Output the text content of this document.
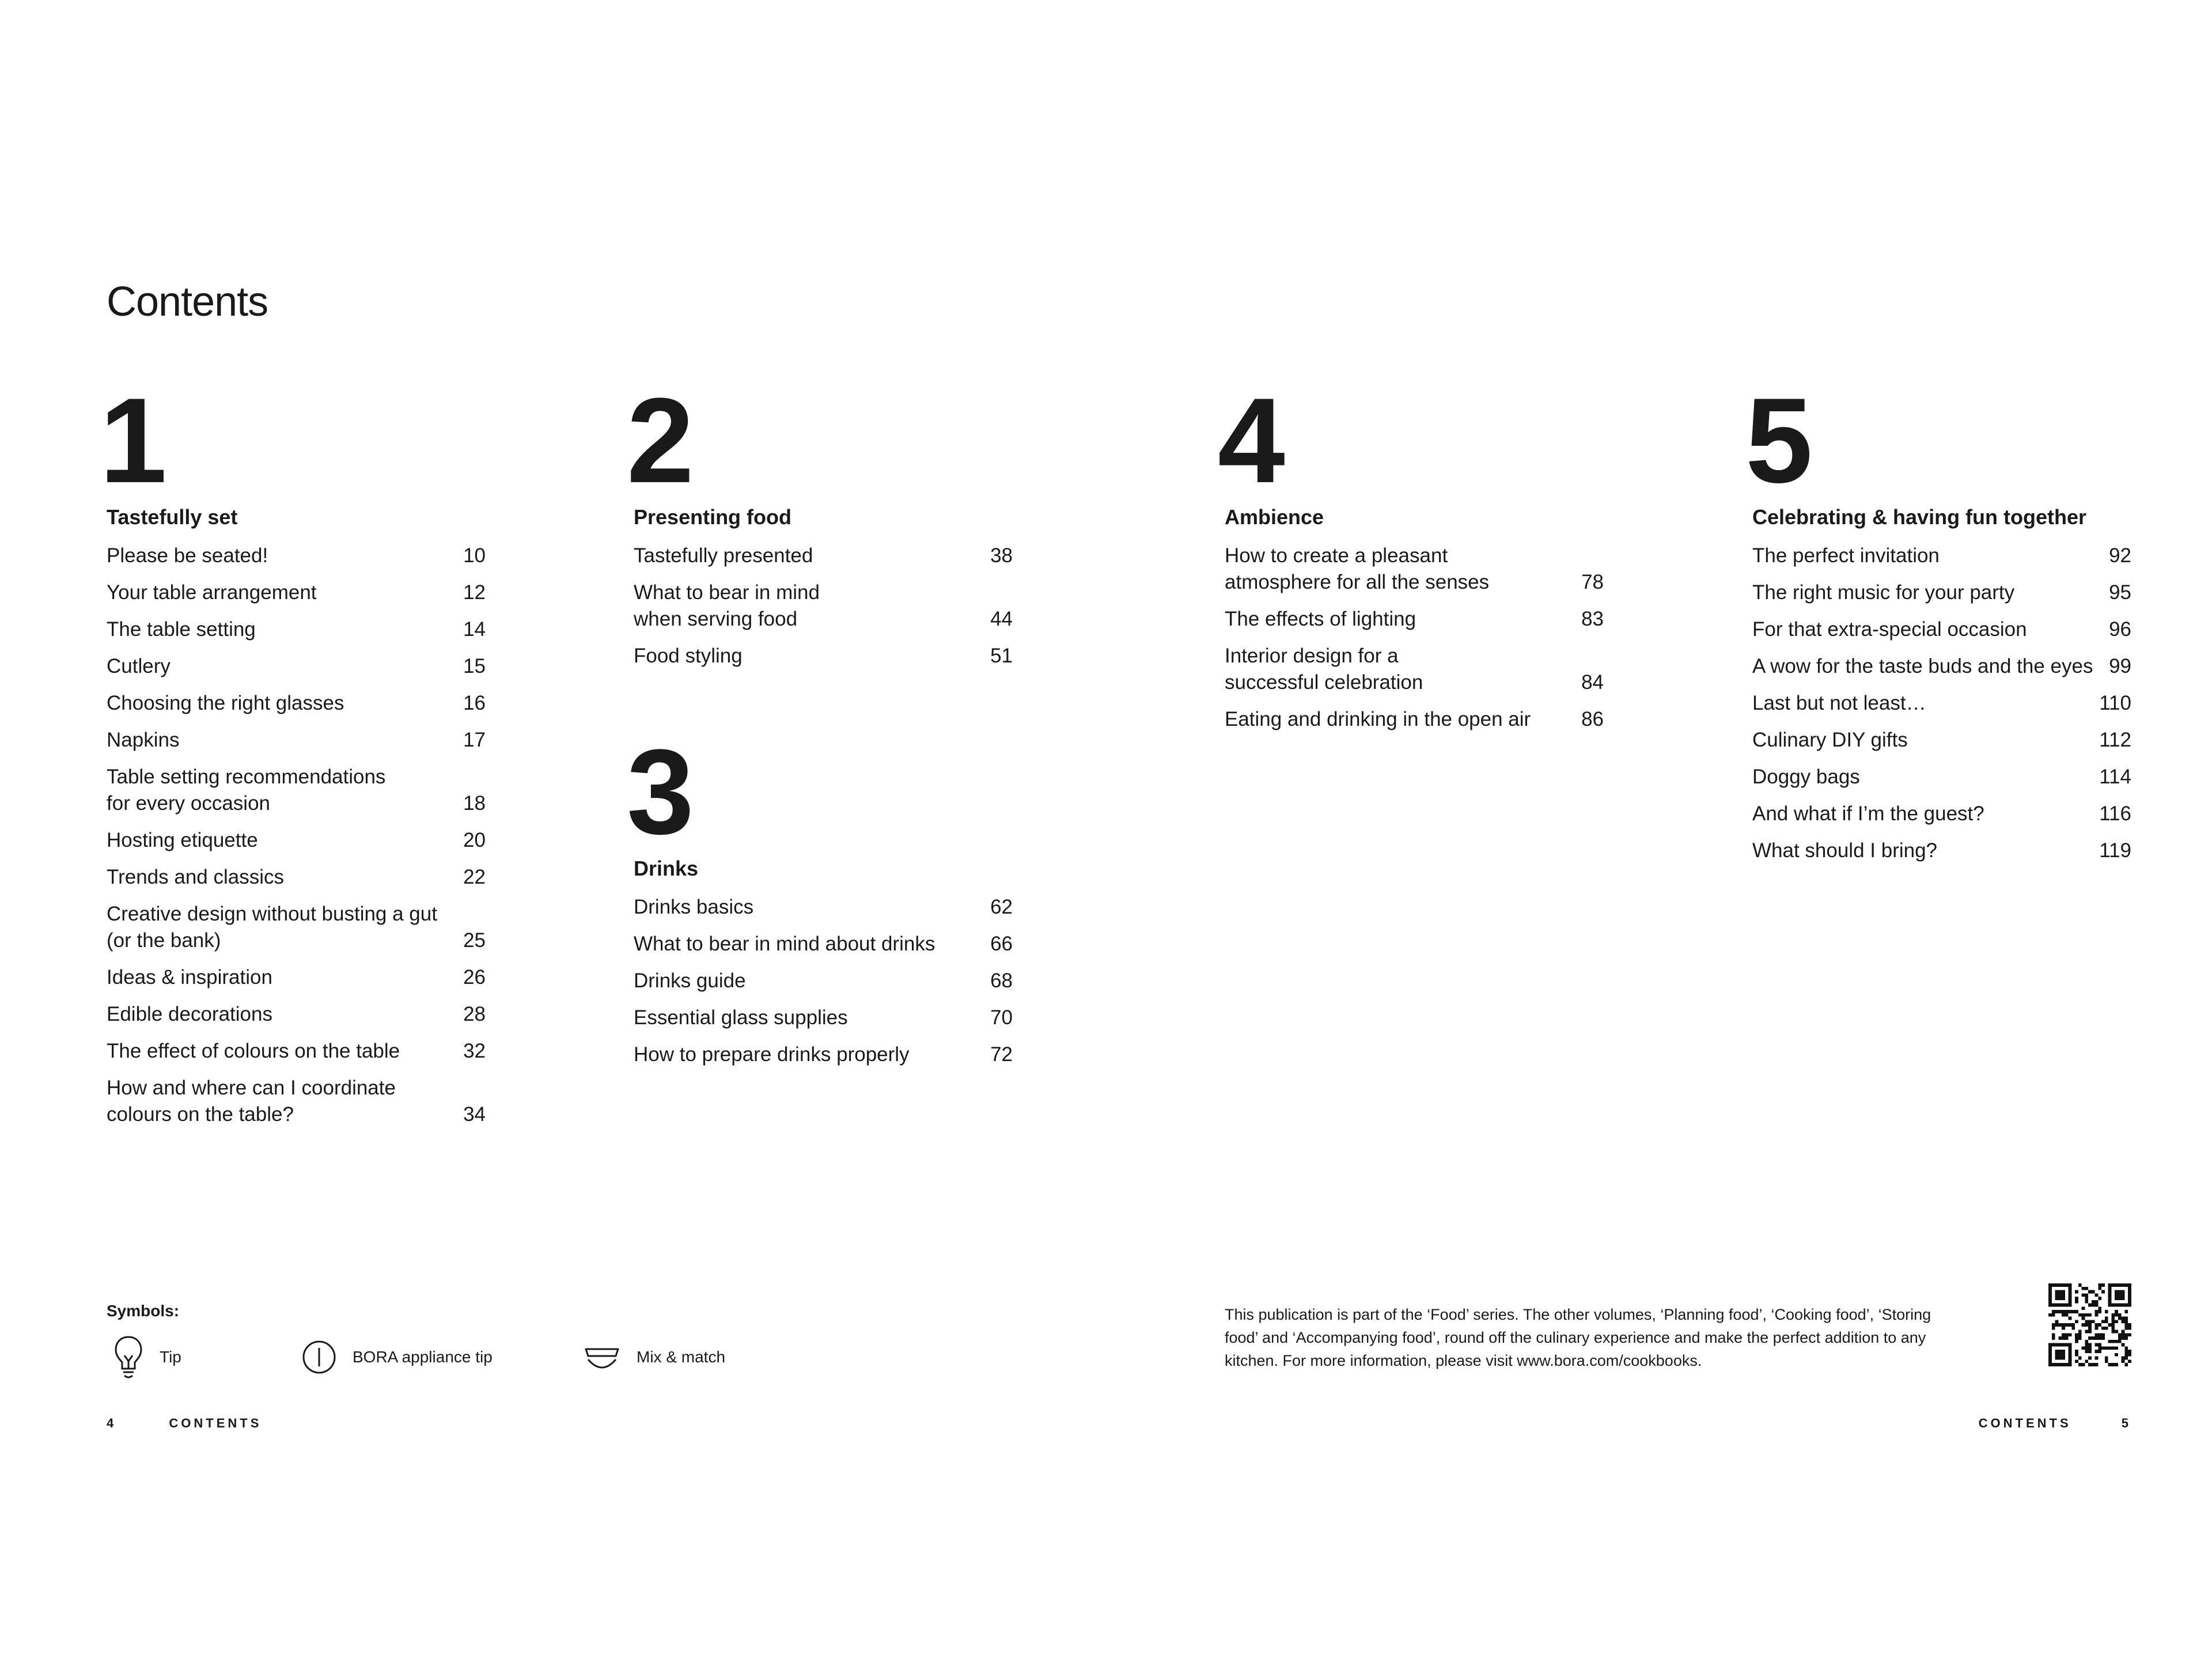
Contents
1
Tastefully set
Please be seated!	10
Your table arrangement	12
The table setting	14
Cutlery	15
Choosing the right glasses	16
Napkins	17
Table setting recommendations
for every occasion	18
Hosting etiquette	20
Trends and classics	22
Creative design without busting a gut
(or the bank)	25
Ideas & inspiration	26
Edible decorations	28
The effect of colours on the table	32
How and where can I coordinate
colours on the table?	34
2
Presenting food
Tastefully presented	38
What to bear in mind
when serving food	44
Food styling	51
3
Drinks
Drinks basics	62
What to bear in mind about drinks	66
Drinks guide	68
Essential glass supplies	70
How to prepare drinks properly	72
4
Ambience
How to create a pleasant
atmosphere for all the senses	78
The effects of lighting	83
Interior design for a
successful celebration	84
Eating and drinking in the open air	86
5
Celebrating & having fun together
The perfect invitation	92
The right music for your party	95
For that extra-special occasion	96
A wow for the taste buds and the eyes 99
Last but not least…	110
Culinary DIY gifts	112
Doggy bags	114
And what if I’m the guest?	116
What should I bring?	119
Symbols:
Tip	BORA appliance tip	Mix & match
This publication is part of the ‘Food’ series. The other volumes, ‘Planning food’, ‘Cooking food’, ‘Storing food’ and ‘Accompanying food’, round off the culinary experience and make the perfect addition to any kitchen. For more information, please visit www.bora.com/cookbooks.
4	CONTENTS	CONTENTS	5
